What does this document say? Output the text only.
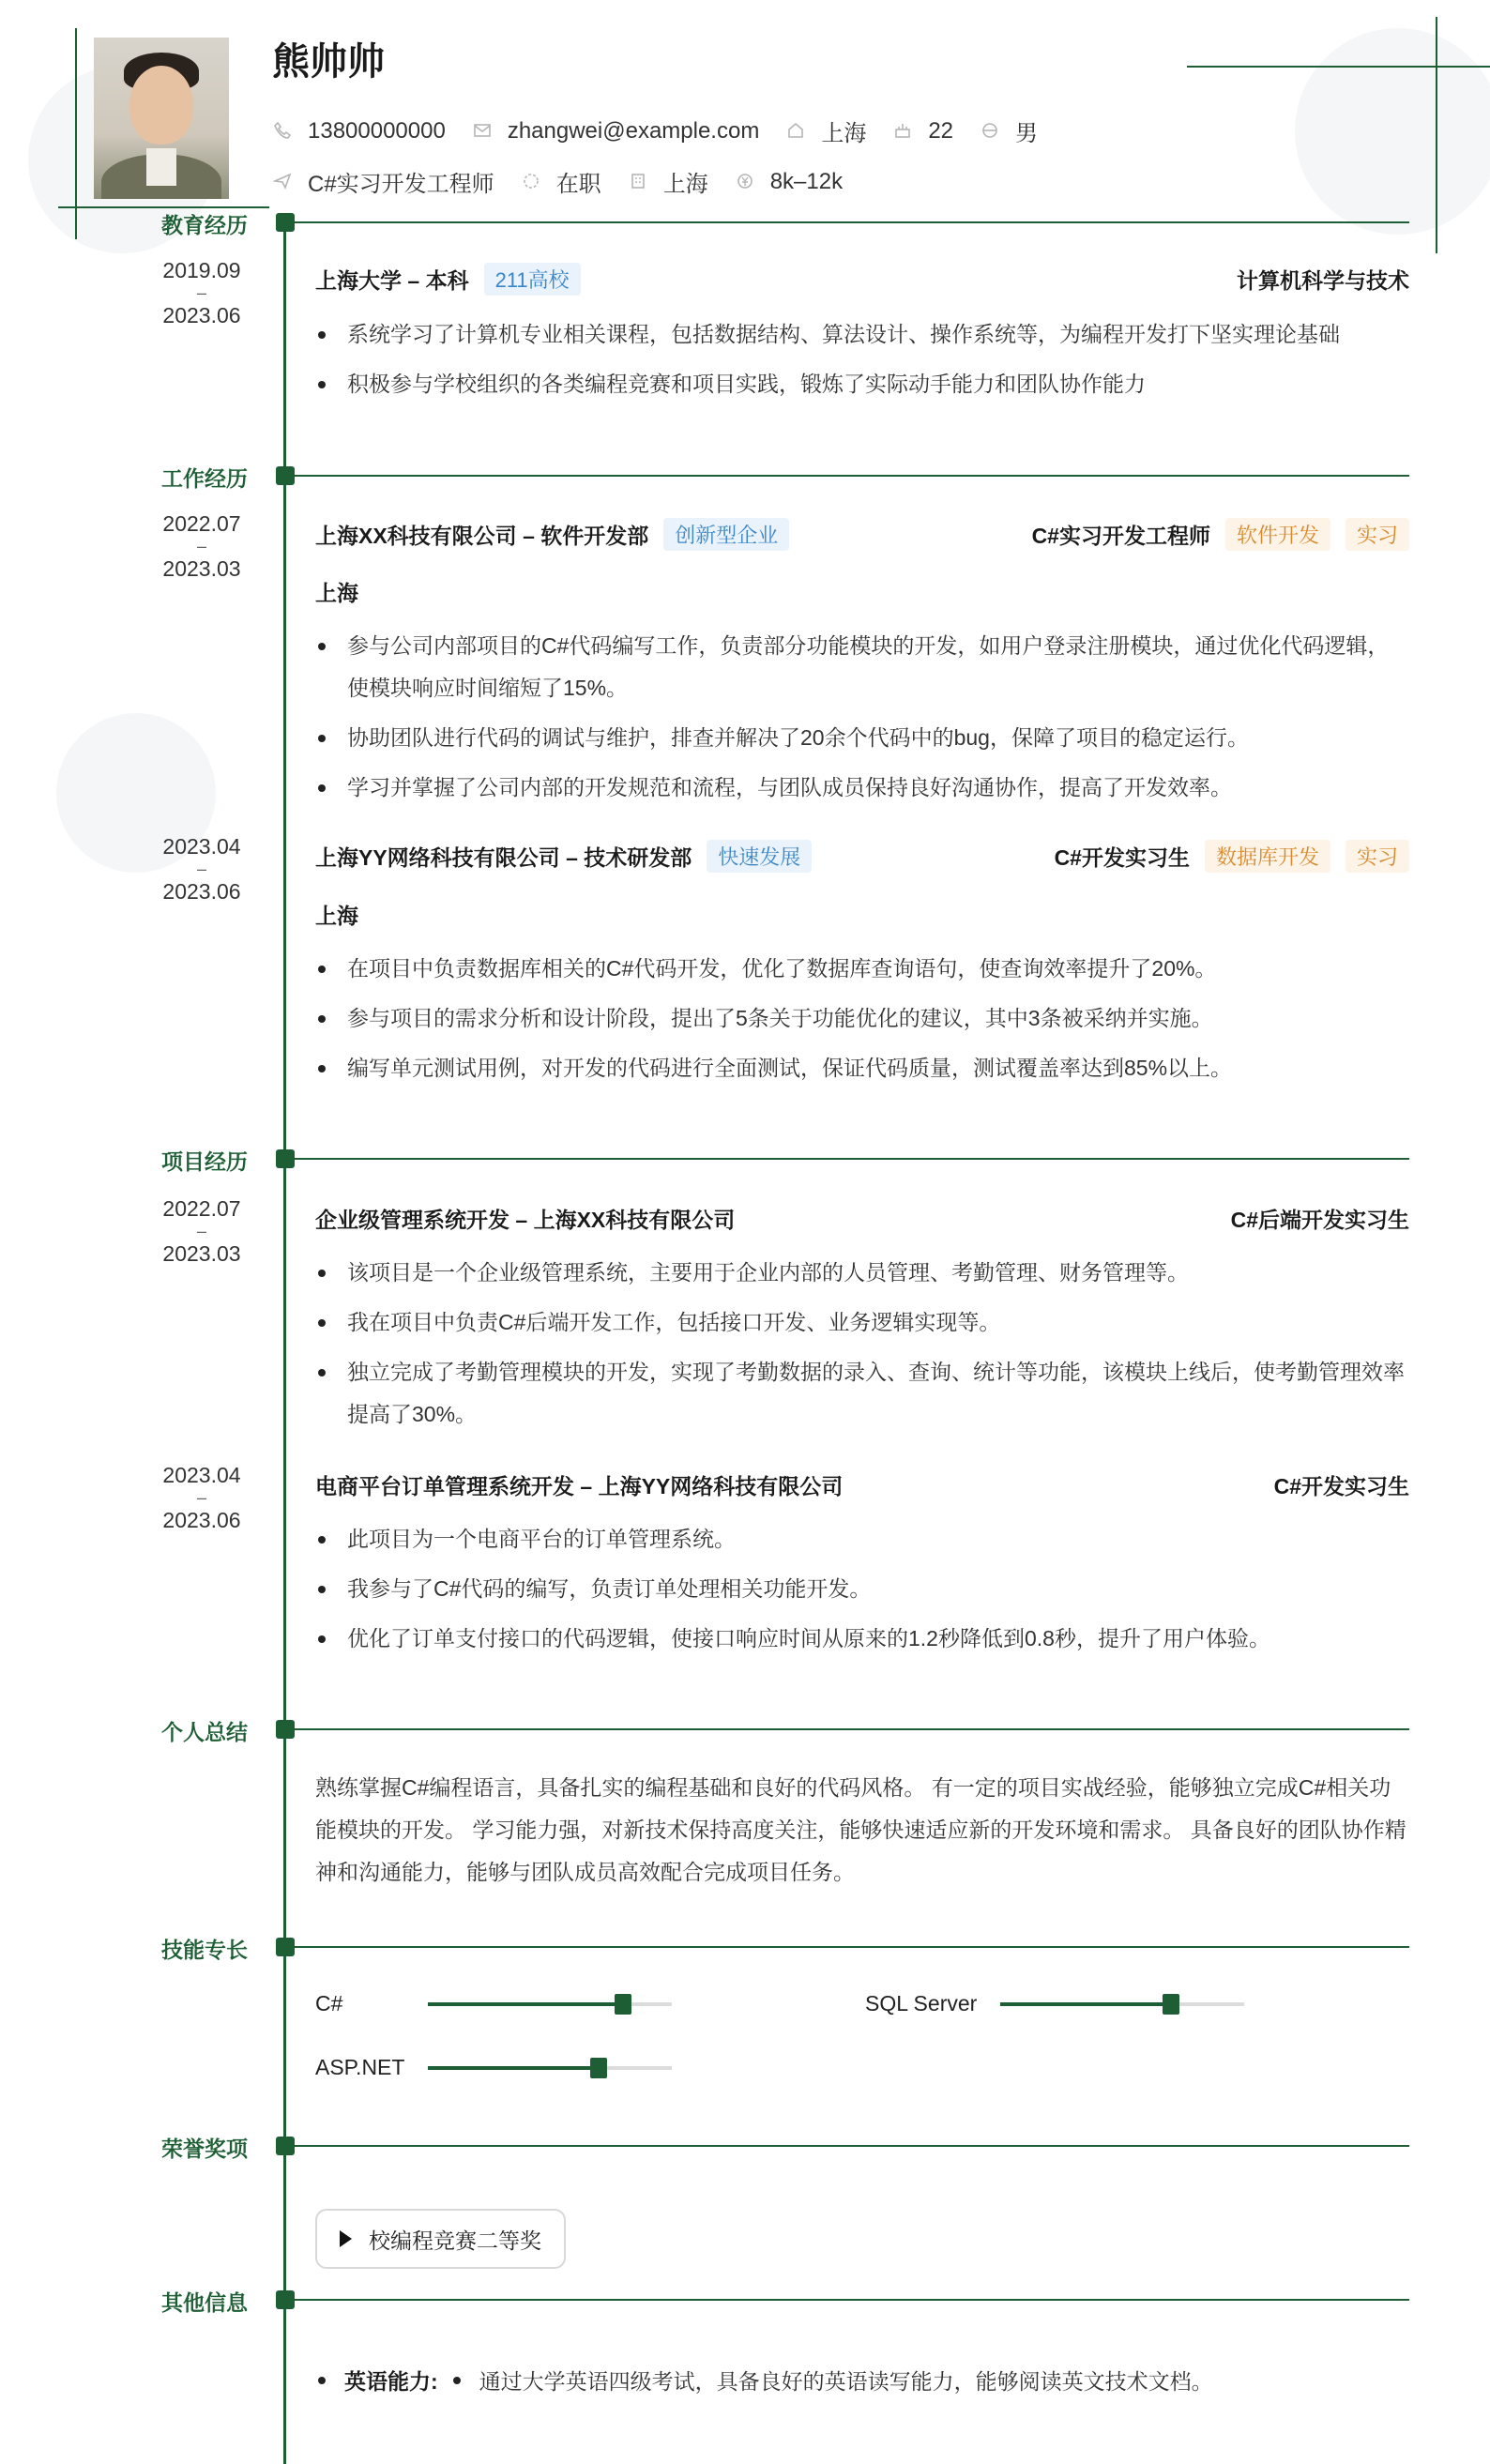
熊帅帅
13800000000	zhangwei@example.com	上海	22	男
C#实习开发工程师	在职	上海	8k–12k
教育经历
2019.09
–
2023.06
上海大学 – 本科	211高校	计算机科学与技术
系统学习了计算机专业相关课程，包括数据结构、算法设计、操作系统等，为编程开发打下坚实理论基础
积极参与学校组织的各类编程竞赛和项目实践，锻炼了实际动手能力和团队协作能力
工作经历
2022.07
–
2023.03
上海XX科技有限公司 – 软件开发部	创新型企业	C#实习开发工程师	软件开发	实习
上海
参与公司内部项目的C#代码编写工作，负责部分功能模块的开发，如用户登录注册模块，通过优化代码逻辑，使模块响应时间缩短了15%。
协助团队进行代码的调试与维护，排查并解决了20余个代码中的bug，保障了项目的稳定运行。
学习并掌握了公司内部的开发规范和流程，与团队成员保持良好沟通协作，提高了开发效率。
2023.04
–
2023.06
上海YY网络科技有限公司 – 技术研发部	快速发展	C#开发实习生	数据库开发	实习
上海
在项目中负责数据库相关的C#代码开发，优化了数据库查询语句，使查询效率提升了20%。
参与项目的需求分析和设计阶段，提出了5条关于功能优化的建议，其中3条被采纳并实施。
编写单元测试用例，对开发的代码进行全面测试，保证代码质量，测试覆盖率达到85%以上。
项目经历
2022.07
–
2023.03
企业级管理系统开发 – 上海XX科技有限公司	C#后端开发实习生
该项目是一个企业级管理系统，主要用于企业内部的人员管理、考勤管理、财务管理等。
我在项目中负责C#后端开发工作，包括接口开发、业务逻辑实现等。
独立完成了考勤管理模块的开发，实现了考勤数据的录入、查询、统计等功能，该模块上线后，使考勤管理效率提高了30%。
2023.04
–
2023.06
电商平台订单管理系统开发 – 上海YY网络科技有限公司	C#开发实习生
此项目为一个电商平台的订单管理系统。
我参与了C#代码的编写，负责订单处理相关功能开发。
优化了订单支付接口的代码逻辑，使接口响应时间从原来的1.2秒降低到0.8秒，提升了用户体验。
个人总结
熟练掌握C#编程语言，具备扎实的编程基础和良好的代码风格。 有一定的项目实战经验，能够独立完成C#相关功能模块的开发。 学习能力强，对新技术保持高度关注，能够快速适应新的开发环境和需求。 具备良好的团队协作精神和沟通能力，能够与团队成员高效配合完成项目任务。
技能专长
C#	SQL Server
ASP.NET
荣誉奖项
校编程竞赛二等奖
其他信息
英语能力: 通过大学英语四级考试，具备良好的英语读写能力，能够阅读英文技术文档。
